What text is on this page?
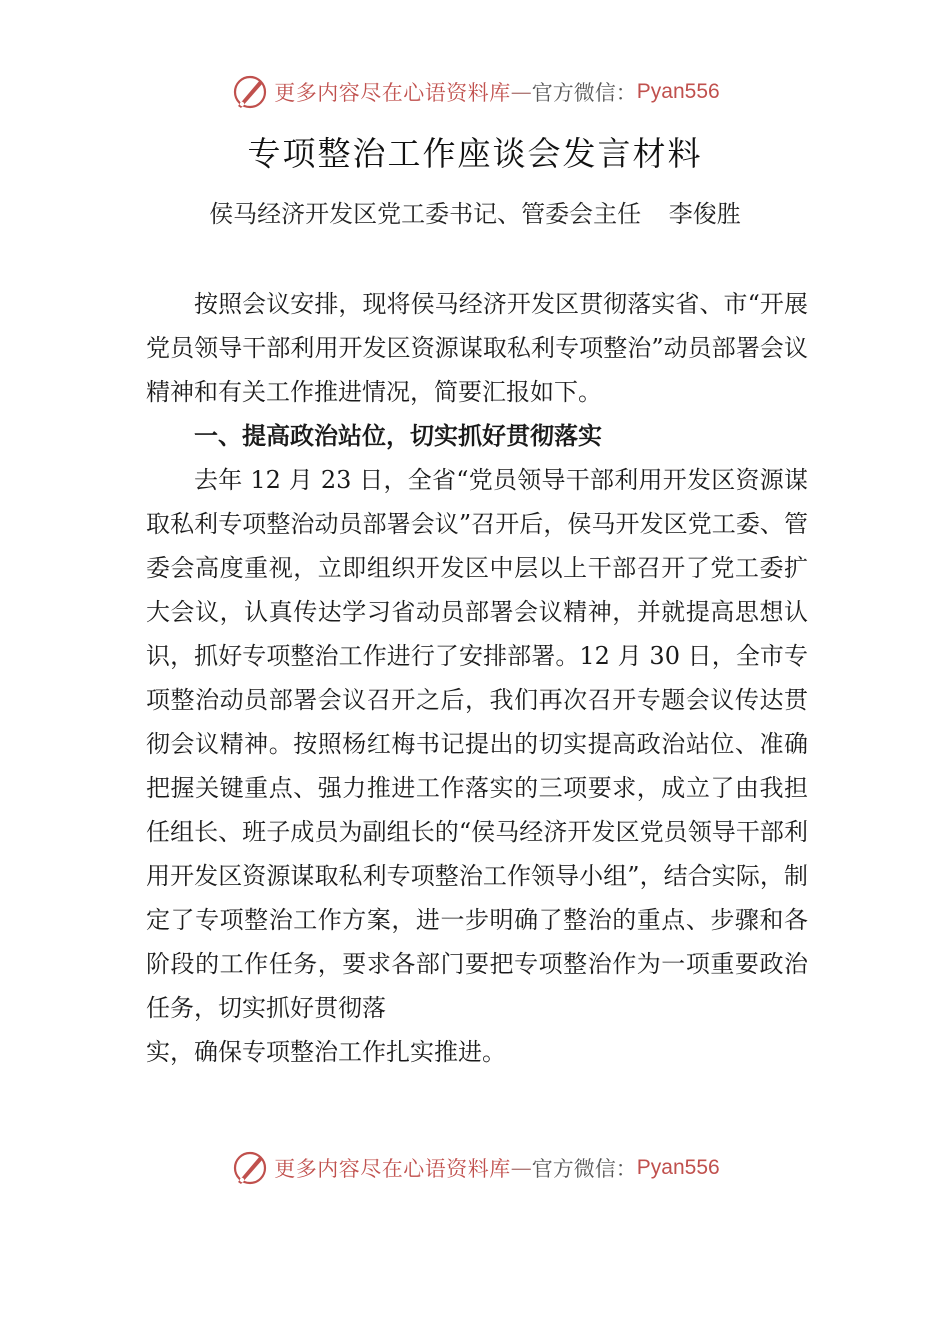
更多内容尽在心语资料库 — 官方微信： Pyan556
专项整治工作座谈会发言材料
侯马经济开发区党工委书记、管委会主任 李俊胜

按照会议安排，现将侯马经济开发区贯彻落实省、市“开展党员领导干部利用开发区资源谋取私利专项整治”动员部署会议精神和有关工作推进情况，简要汇报如下。

一、提高政治站位，切实抓好贯彻落实

去年 12 月 23 日，全省“党员领导干部利用开发区资源谋取私利专项整治动员部署会议”召开后，侯马开发区党工委、管委会高度重视，立即组织开发区中层以上干部召开了党工委扩大会议，认真传达学习省动员部署会议精神，并就提高思想认识，抓好专项整治工作进行了安排部署。12 月 30 日，全市专项整治动员部署会议召开之后，我们再次召开专题会议传达贯彻会议精神。按照杨红梅书记提出的切实提高政治站位、准确把握关键重点、强力推进工作落实的三项要求，成立了由我担任组长、班子成员为副组长的“侯马经济开发区党员领导干部利用开发区资源谋取私利专项整治工作领导小组”，结合实际，制定了专项整治工作方案，进一步明确了整治的重点、步骤和各阶段的工作任务，要求各部门要把专项整治作为一项重要政治任务，切实抓好贯彻落

实，确保专项整治工作扎实推进。

更多内容尽在心语资料库 — 官方微信： Pyan556
